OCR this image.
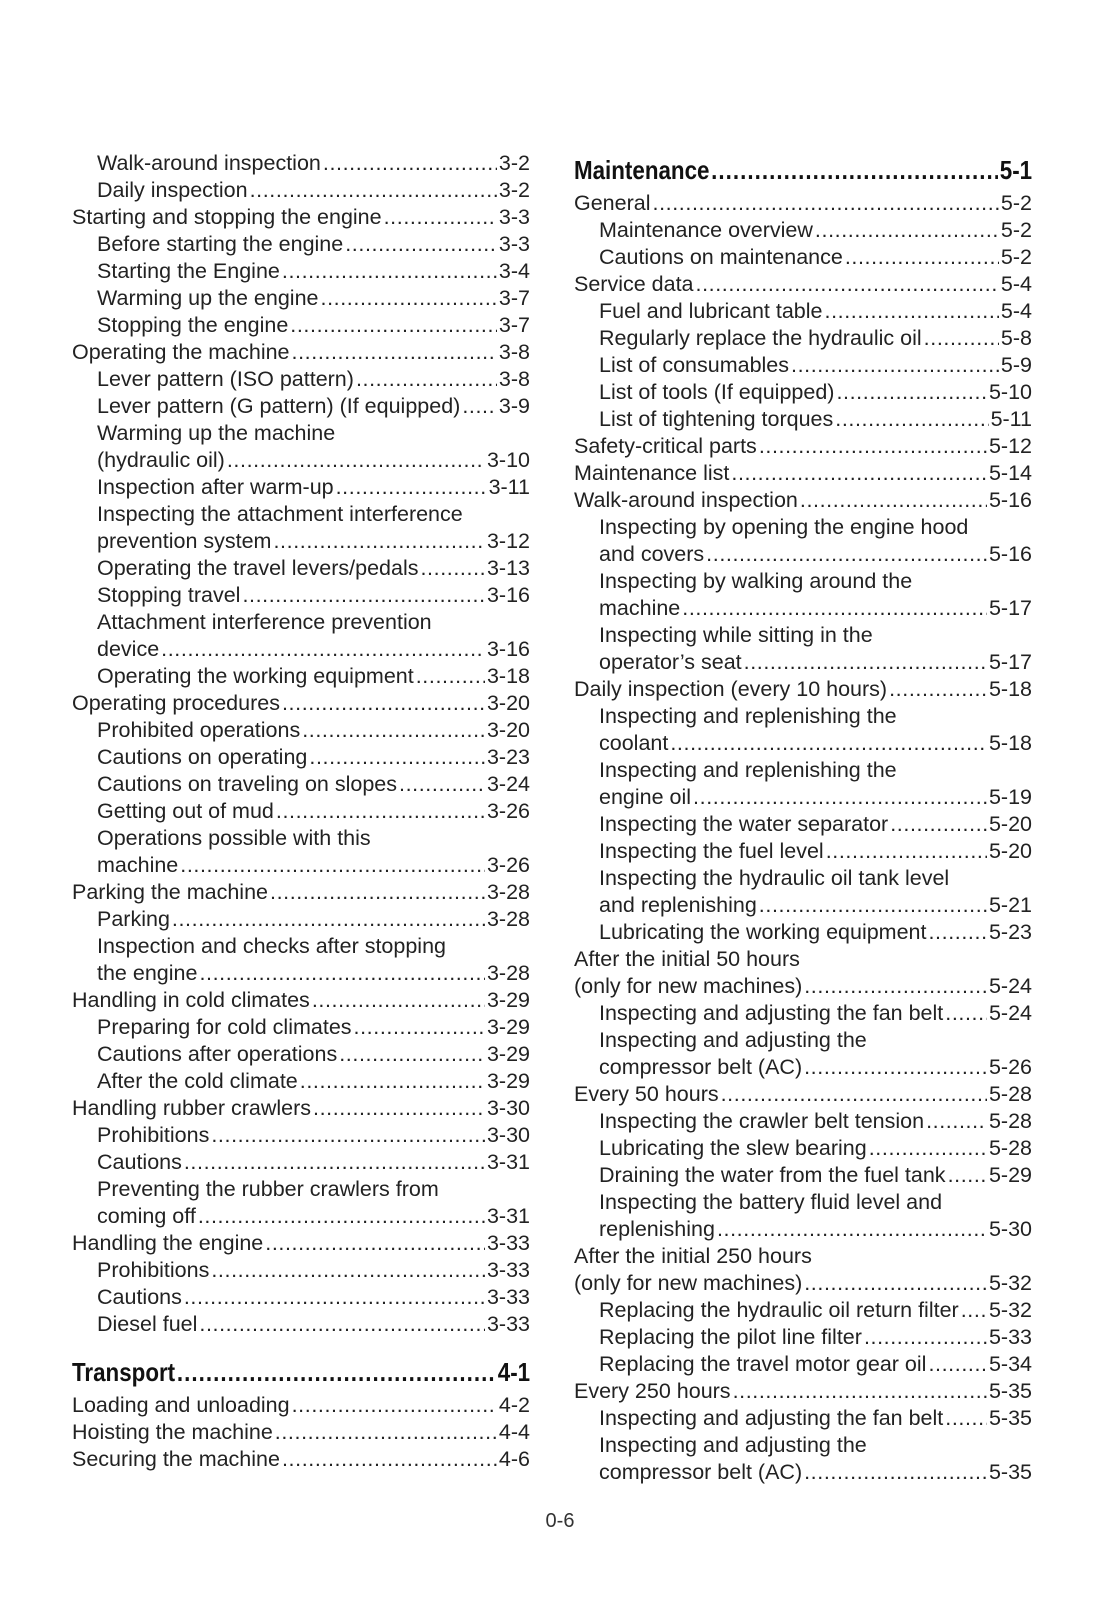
Walk-around inspection .....	3-2
Daily inspection .....	3-2
Starting and stopping the engine .....	3-3
Before starting the engine .....	3-3
Starting the Engine .....	3-4
Warming up the engine .....	3-7
Stopping the engine .....	3-7
Operating the machine .....	3-8
Lever pattern (ISO pattern) .....	3-8
Lever pattern (G pattern) (If equipped) ..... 3-9
Warming up the machine
(hydraulic oil) .....	3-10
Inspection after warm-up .....	3-11
Inspecting the attachment interference
prevention system .....	3-12
Operating the travel levers/pedals .....	3-13
Stopping travel .....	3-16
Attachment interference prevention
device .....	3-16
Operating the working equipment .....	3-18
Operating procedures .....	3-20
Prohibited operations .....	3-20
Cautions on operating .....	3-23
Cautions on traveling on slopes .....	3-24
Getting out of mud .....	3-26
Operations possible with this
machine .....	3-26
Parking the machine .....	3-28
Parking .....	3-28
Inspection and checks after stopping
the engine .....	3-28
Handling in cold climates .....	3-29
Preparing for cold climates .....	3-29
Cautions after operations .....	3-29
After the cold climate .....	3-29
Handling rubber crawlers .....	3-30
Prohibitions .....	3-30
Cautions .....	3-31
Preventing the rubber crawlers from
coming off .....	3-31
Handling the engine .....	3-33
Prohibitions .....	3-33
Cautions .....	3-33
Diesel fuel .....	3-33
Transport .....	4-1
Loading and unloading .....	4-2
Hoisting the machine .....	4-4
Securing the machine .....	4-6
Maintenance .....	5-1
General .....	5-2
Maintenance overview .....	5-2
Cautions on maintenance .....	5-2
Service data .....	5-4
Fuel and lubricant table .....	5-4
Regularly replace the hydraulic oil .....	5-8
List of consumables .....	5-9
List of tools (If equipped) .....	5-10
List of tightening torques .....	5-11
Safety-critical parts .....	5-12
Maintenance list .....	5-14
Walk-around inspection .....	5-16
Inspecting by opening the engine hood
and covers .....	5-16
Inspecting by walking around the
machine .....	5-17
Inspecting while sitting in the
operator’s seat .....	5-17
Daily inspection (every 10 hours) .....	5-18
Inspecting and replenishing the
coolant .....	5-18
Inspecting and replenishing the
engine oil .....	5-19
Inspecting the water separator .....	5-20
Inspecting the fuel level .....	5-20
Inspecting the hydraulic oil tank level
and replenishing .....	5-21
Lubricating the working equipment .....	5-23
After the initial 50 hours
(only for new machines) .....	5-24
Inspecting and adjusting the fan belt ..... 5-24
Inspecting and adjusting the
compressor belt (AC) .....	5-26
Every 50 hours .....	5-28
Inspecting the crawler belt tension .....	5-28
Lubricating the slew bearing .....	5-28
Draining the water from the fuel tank ..... 5-29
Inspecting the battery fluid level and
replenishing .....	5-30
After the initial 250 hours
(only for new machines) .....	5-32
Replacing the hydraulic oil return filter ..... 5-32
Replacing the pilot line filter .....	5-33
Replacing the travel motor gear oil .....	5-34
Every 250 hours .....	5-35
Inspecting and adjusting the fan belt ..... 5-35
Inspecting and adjusting the
compressor belt (AC) .....	5-35
0-6
